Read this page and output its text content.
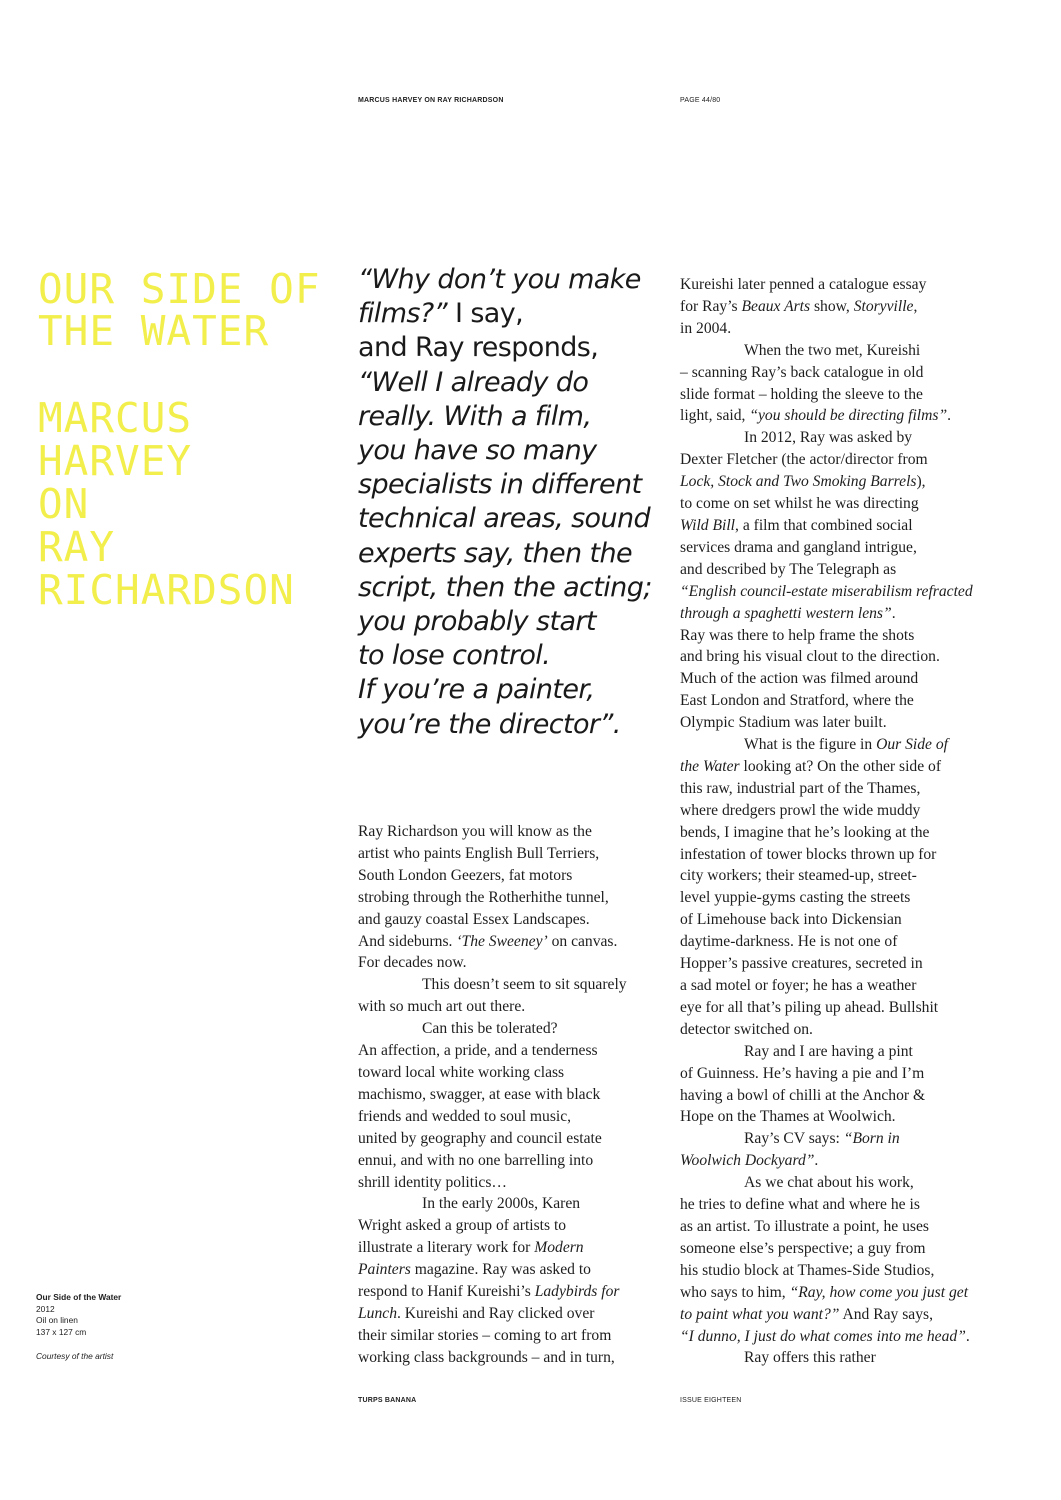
MARCUS HARVEY ON RAY RICHARDSON	PAGE 44/80
OUR SIDE OF
THE WATER
MARCUS
HARVEY
ON
RAY
RICHARDSON
“Why don’t you make
films?” I say,
and Ray responds,
“Well I already do
really. With a film,
you have so many
specialists in different
technical areas, sound
experts say, then the
script, then the acting;
you probably start
to lose control.
If you’re a painter,
you’re the director”.
Our Side of the Water
2012
Oil on linen
137 x 127 cm
Courtesy of the artist
Ray Richardson you will know as the
artist who paints English Bull Terriers,
South London Geezers, fat motors
strobing through the Rotherhithe tunnel,
and gauzy coastal Essex Landscapes.
And sideburns. ‘The Sweeney’ on canvas.
For decades now.
This doesn’t seem to sit squarely
with so much art out there.
Can this be tolerated?
An affection, a pride, and a tenderness
toward local white working class
machismo, swagger, at ease with black
friends and wedded to soul music,
united by geography and council estate
ennui, and with no one barrelling into
shrill identity politics…
In the early 2000s, Karen
Wright asked a group of artists to
illustrate a literary work for Modern
Painters magazine. Ray was asked to
respond to Hanif Kureishi’s Ladybirds for
Lunch. Kureishi and Ray clicked over
their similar stories – coming to art from
working class backgrounds – and in turn,
Kureishi later penned a catalogue essay
for Ray’s Beaux Arts show, Storyville,
in 2004.
When the two met, Kureishi
– scanning Ray’s back catalogue in old
slide format – holding the sleeve to the
light, said, “you should be directing films”.
In 2012, Ray was asked by
Dexter Fletcher (the actor/director from
Lock, Stock and Two Smoking Barrels),
to come on set whilst he was directing
Wild Bill, a film that combined social
services drama and gangland intrigue,
and described by The Telegraph as
“English council-estate miserabilism refracted
through a spaghetti western lens”.
Ray was there to help frame the shots
and bring his visual clout to the direction.
Much of the action was filmed around
East London and Stratford, where the
Olympic Stadium was later built.
What is the figure in Our Side of
the Water looking at? On the other side of
this raw, industrial part of the Thames,
where dredgers prowl the wide muddy
bends, I imagine that he’s looking at the
infestation of tower blocks thrown up for
city workers; their steamed-up, street-
level yuppie-gyms casting the streets
of Limehouse back into Dickensian
daytime-darkness. He is not one of
Hopper’s passive creatures, secreted in
a sad motel or foyer; he has a weather
eye for all that’s piling up ahead. Bullshit
detector switched on.
Ray and I are having a pint
of Guinness. He’s having a pie and I’m
having a bowl of chilli at the Anchor &
Hope on the Thames at Woolwich.
Ray’s CV says: “Born in
Woolwich Dockyard”.
As we chat about his work,
he tries to define what and where he is
as an artist. To illustrate a point, he uses
someone else’s perspective; a guy from
his studio block at Thames-Side Studios,
who says to him, “Ray, how come you just get
to paint what you want?” And Ray says,
“I dunno, I just do what comes into me head”.
Ray offers this rather
TURPS BANANA	ISSUE EIGHTEEN
